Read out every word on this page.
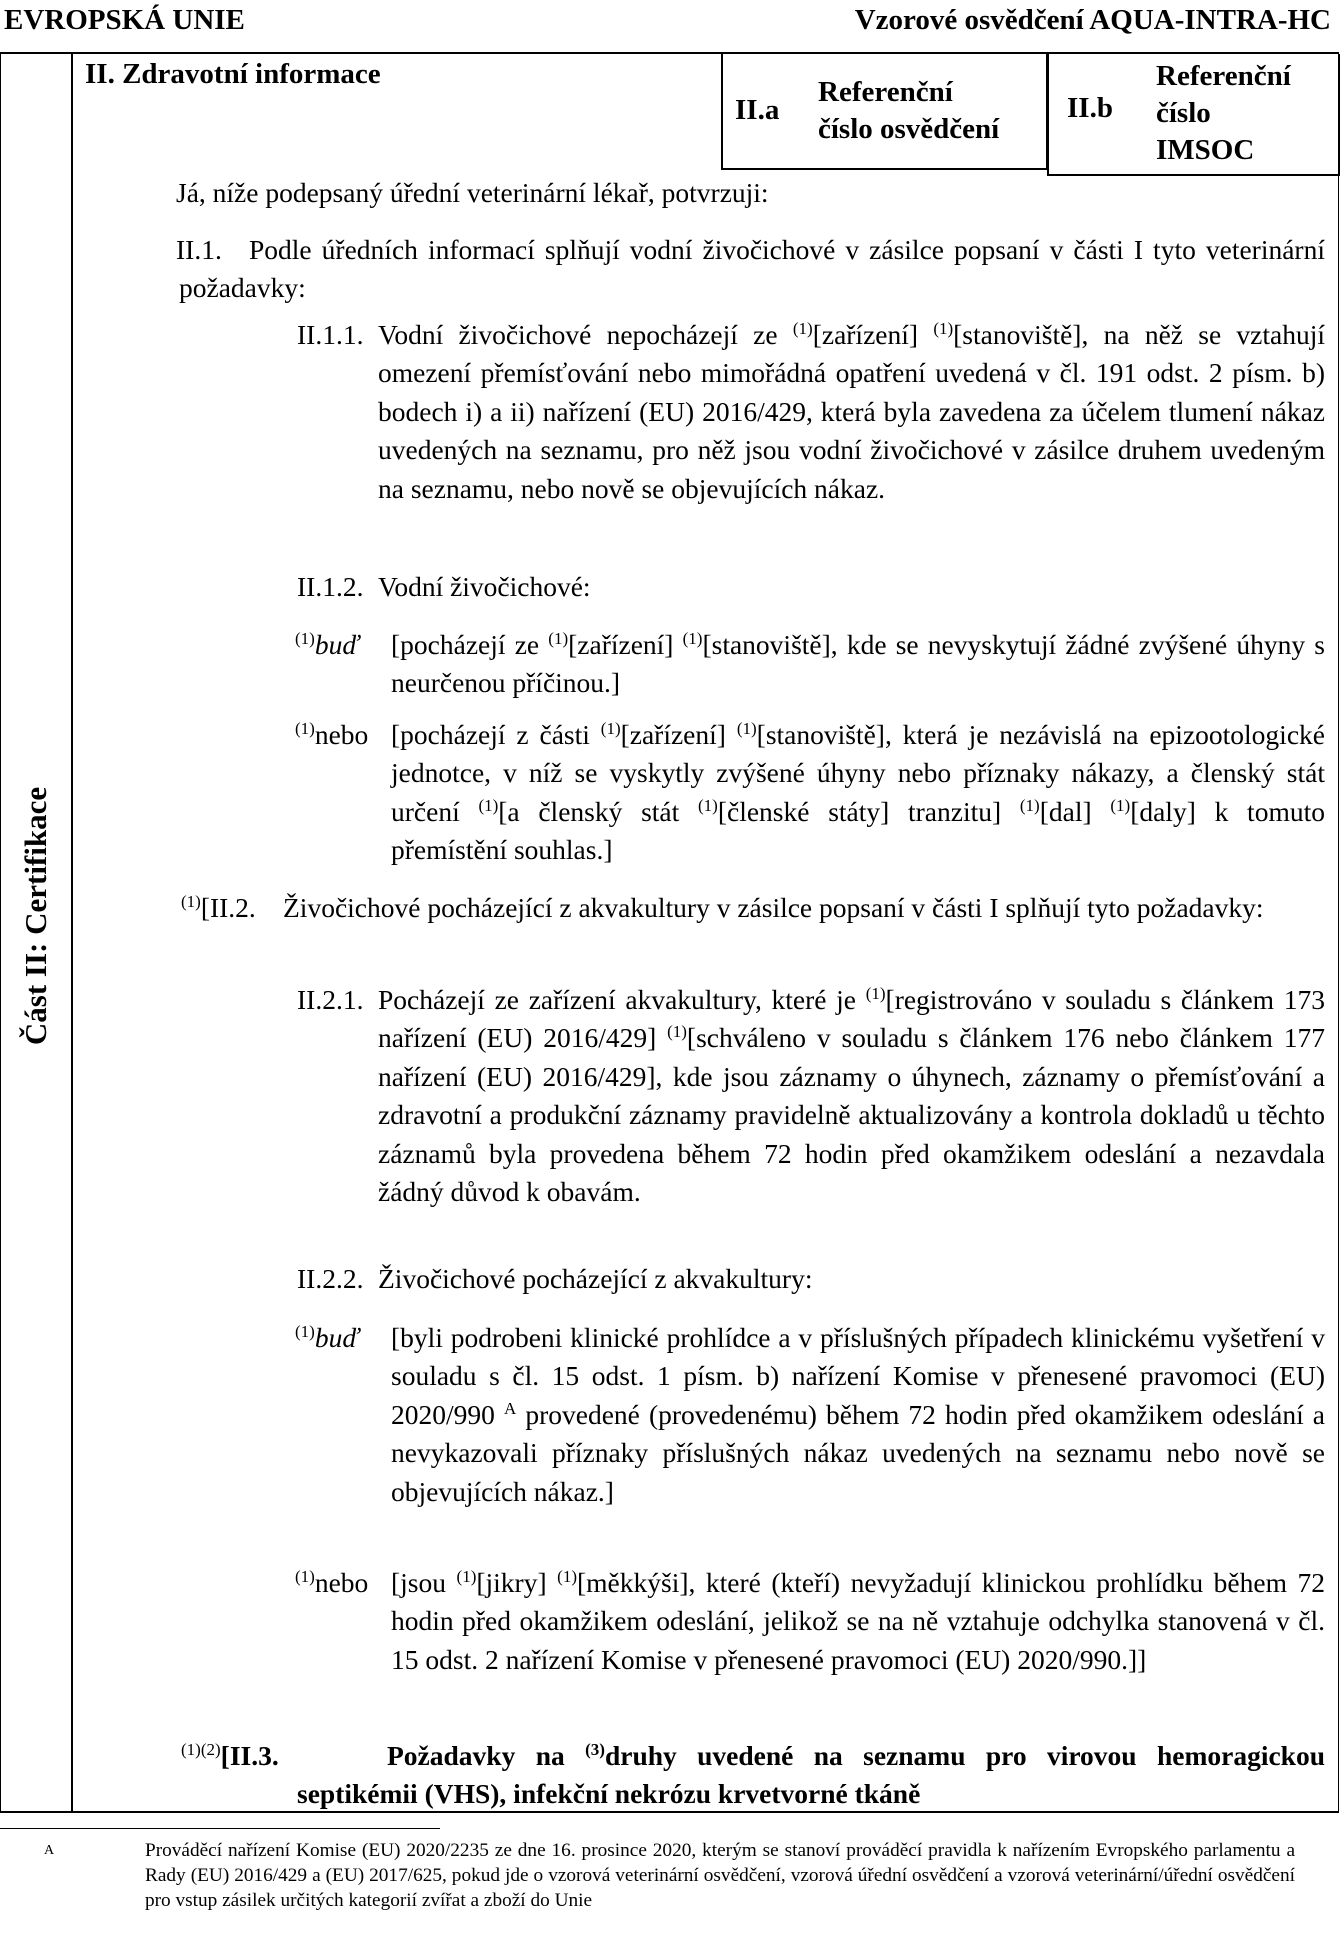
EVROPSKÁ UNIE	Vzorové osvědčení AQUA-INTRA-HC
Část II: Certifikace
II. Zdravotní informace
II.a
Referenční
číslo osvědčení
II.b
Referenční
číslo
IMSOC

Já, níže podepsaný úřední veterinární lékař, potvrzuji:

II.1. Podle úředních informací splňují vodní živočichové v zásilce popsaní v části I tyto veterinární požadavky:

II.1.1. Vodní živočichové nepocházejí ze $^{(1)}$[zařízení] $^{(1)}$[stanoviště], na něž se vztahují omezení přemísťování nebo mimořádná opatření uvedená v čl. 191 odst. 2 písm. b) bodech i) a ii) nařízení (EU) 2016/429, která byla zavedena za účelem tlumení nákaz uvedených na seznamu, pro něž jsou vodní živočichové v zásilce druhem uvedeným na seznamu, nebo nově se objevujících nákaz.

II.1.2. Vodní živočichové:

$^{(1)}$buď [pocházejí ze $^{(1)}$[zařízení] $^{(1)}$[stanoviště], kde se nevyskytují žádné zvýšené úhyny s neurčenou příčinou.]

$^{(1)}$nebo [pocházejí z části $^{(1)}$[zařízení] $^{(1)}$[stanoviště], která je nezávislá na epizootologické jednotce, v níž se vyskytly zvýšené úhyny nebo příznaky nákazy, a členský stát určení $^{(1)}$[a členský stát $^{(1)}$[členské státy] tranzitu] $^{(1)}$[dal] $^{(1)}$[daly] k tomuto přemístění souhlas.]

$^{(1)}$[II.2. Živočichové pocházející z akvakultury v zásilce popsaní v části I splňují tyto požadavky:

II.2.1. Pocházejí ze zařízení akvakultury, které je $^{(1)}$[registrováno v souladu s článkem 173 nařízení (EU) 2016/429] $^{(1)}$[schváleno v souladu s článkem 176 nebo článkem 177 nařízení (EU) 2016/429], kde jsou záznamy o úhynech, záznamy o přemísťování a zdravotní a produkční záznamy pravidelně aktualizovány a kontrola dokladů u těchto záznamů byla provedena během 72 hodin před okamžikem odeslání a nezavdala žádný důvod k obavám.

II.2.2. Živočichové pocházející z akvakultury:

$^{(1)}$buď [byli podrobeni klinické prohlídce a v příslušných případech klinickému vyšetření v souladu s čl. 15 odst. 1 písm. b) nařízení Komise v přenesené pravomoci (EU) 2020/990 $^A$ provedené (provedenému) během 72 hodin před okamžikem odeslání a nevykazovali příznaky příslušných nákaz uvedených na seznamu nebo nově se objevujících nákaz.]

$^{(1)}$nebo [jsou $^{(1)}$[jikry] $^{(1)}$[měkkýši], které (kteří) nevyžadují klinickou prohlídku během 72 hodin před okamžikem odeslání, jelikož se na ně vztahuje odchylka stanovená v čl. 15 odst. 2 nařízení Komise v přenesené pravomoci (EU) 2020/990.]]

$^{(1)(2)}$[II.3.	Požadavky na $^{(3)}$druhy uvedené na seznamu pro virovou hemoragickou septikémii (VHS), infekční nekrózu krvetvorné tkáně

A	Prováděcí nařízení Komise (EU) 2020/2235 ze dne 16. prosince 2020, kterým se stanoví prováděcí pravidla k nařízením Evropského parlamentu a Rady (EU) 2016/429 a (EU) 2017/625, pokud jde o vzorová veterinární osvědčení, vzorová úřední osvědčení a vzorová veterinární/úřední osvědčení pro vstup zásilek určitých kategorií zvířat a zboží do Unie
